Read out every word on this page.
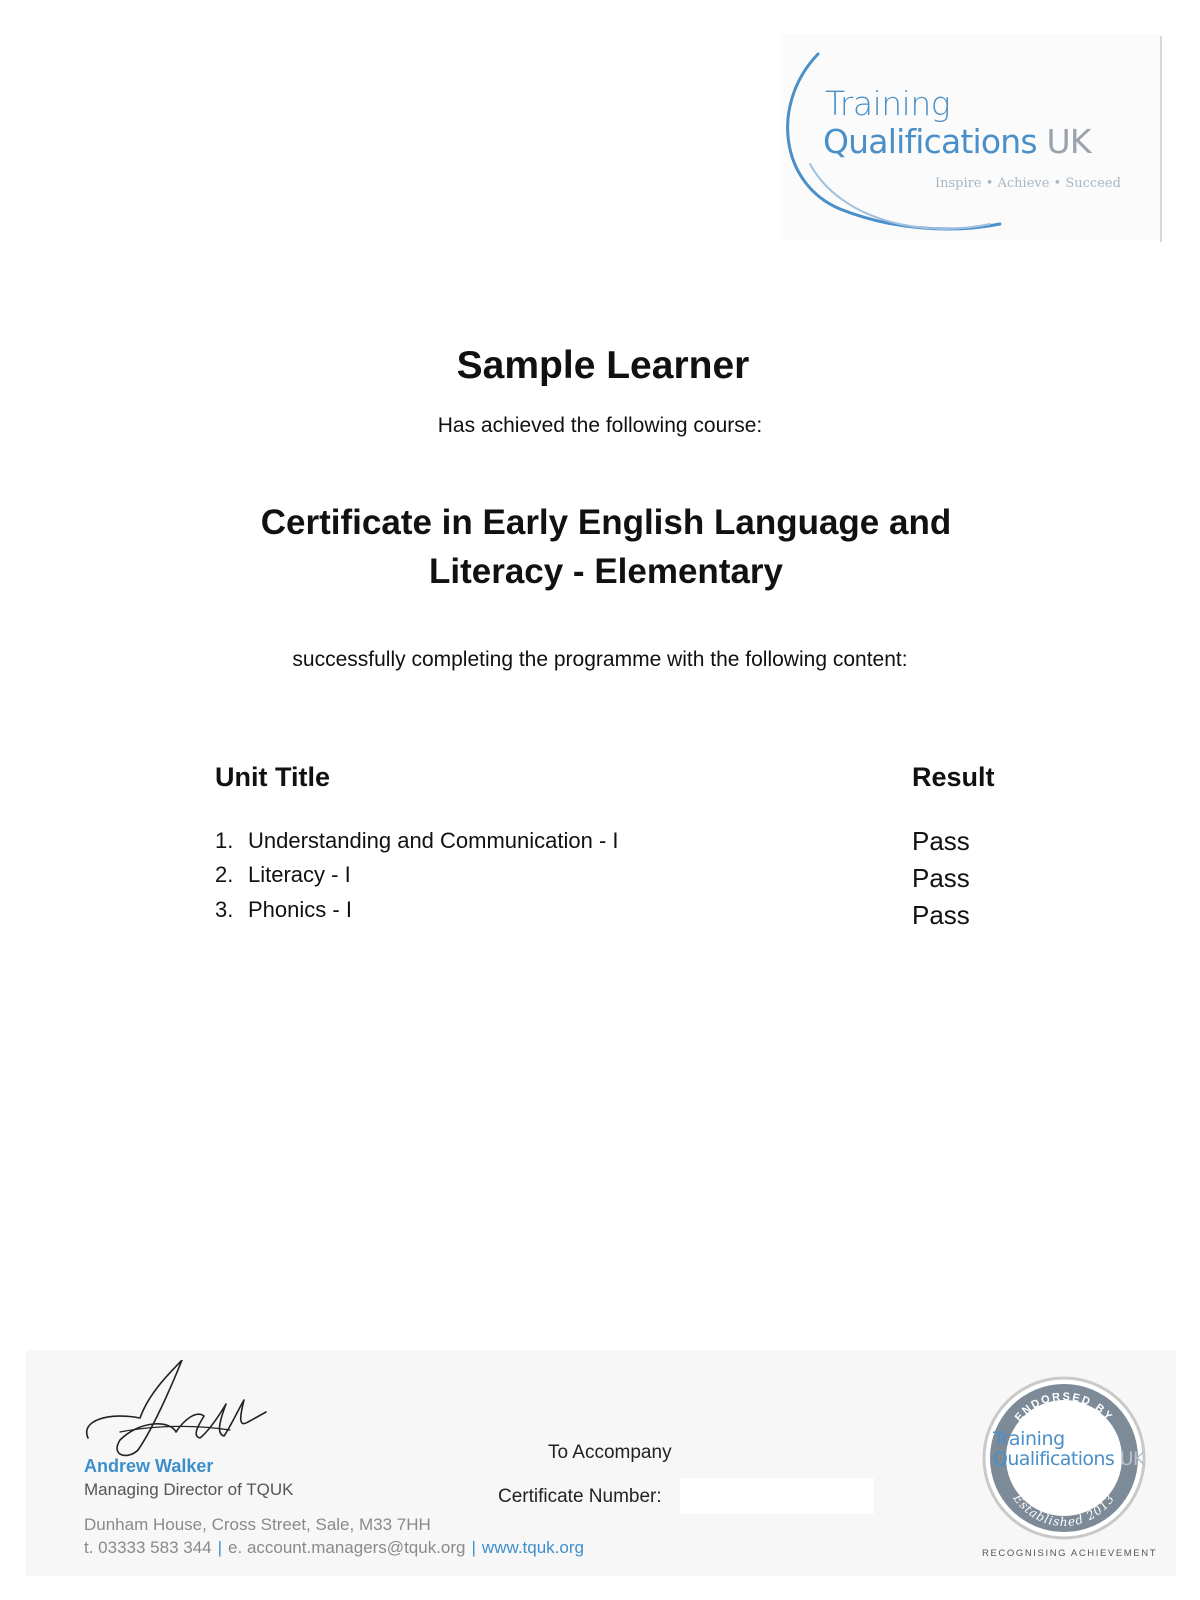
Training
Qualifications UK
Inspire • Achieve • Succeed
Sample Learner
Has achieved the following course:
Certificate in Early English Language and
Literacy - Elementary
successfully completing the programme with the following content:
Unit Title	Result
1. Understanding and Communication - I
2. Literacy - I
3. Phonics - I
Pass
Pass
Pass
Andrew Walker
Managing Director of TQUK
Dunham House, Cross Street, Sale, M33 7HH
t. 03333 583 344 | e. account.managers@tquk.org | www.tquk.org
To Accompany
Certificate Number:
ENDORSED BY
Established 2013
Training
Qualifications UK
RECOGNISING ACHIEVEMENT
